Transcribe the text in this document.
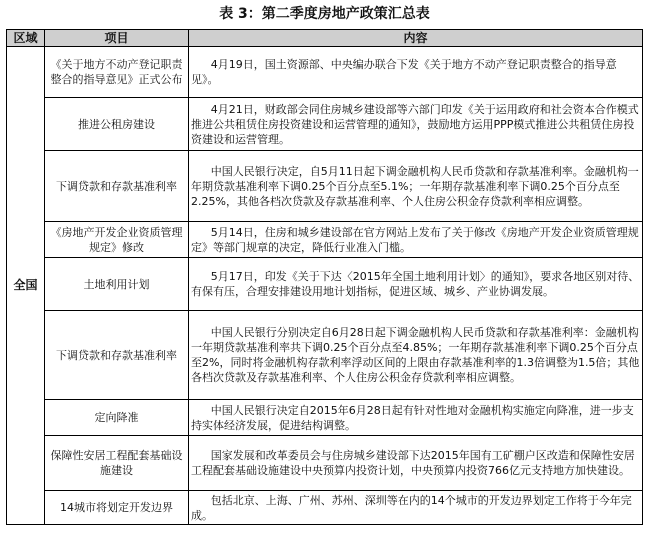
表 3：第二季度房地产政策汇总表
区域	项目	内容
全国	《关于地方不动产登记职责整合的指导意见》正式公布	4月19日，国土资源部、中央编办联合下发《关于地方不动产登记职责整合的指导意见》。
	推进公租房建设	4月21日，财政部会同住房城乡建设部等六部门印发《关于运用政府和社会资本合作模式推进公共租赁住房投资建设和运营管理的通知》，鼓励地方运用PPP模式推进公共租赁住房投资建设和运营管理。
	下调贷款和存款基准利率	中国人民银行决定，自5月11日起下调金融机构人民币贷款和存款基准利率。金融机构一年期贷款基准利率下调0.25个百分点至5.1%；一年期存款基准利率下调0.25个百分点至2.25%，其他各档次贷款及存款基准利率、个人住房公积金存贷款利率相应调整。
	《房地产开发企业资质管理规定》修改	5月14日，住房和城乡建设部在官方网站上发布了关于修改《房地产开发企业资质管理规定》等部门规章的决定，降低行业准入门槛。
	土地利用计划	5月17日，印发《关于下达〈2015年全国土地利用计划〉的通知》，要求各地区别对待、有保有压，合理安排建设用地计划指标，促进区域、城乡、产业协调发展。
	下调贷款和存款基准利率	中国人民银行分别决定自6月28日起下调金融机构人民币贷款和存款基准利率：金融机构一年期贷款基准利率共下调0.25个百分点至4.85%；一年期存款基准利率下调0.25个百分点至2%，同时将金融机构存款利率浮动区间的上限由存款基准利率的1.3倍调整为1.5倍；其他各档次贷款及存款基准利率、个人住房公积金存贷款利率相应调整。
	定向降准	中国人民银行决定自2015年6月28日起有针对性地对金融机构实施定向降准，进一步支持实体经济发展，促进结构调整。
	保障性安居工程配套基础设施建设	国家发展和改革委员会与住房城乡建设部下达2015年国有工矿棚户区改造和保障性安居工程配套基础设施建设中央预算内投资计划，中央预算内投资766亿元支持地方加快建设。
	14城市将划定开发边界	包括北京、上海、广州、苏州、深圳等在内的14个城市的开发边界划定工作将于今年完成。
